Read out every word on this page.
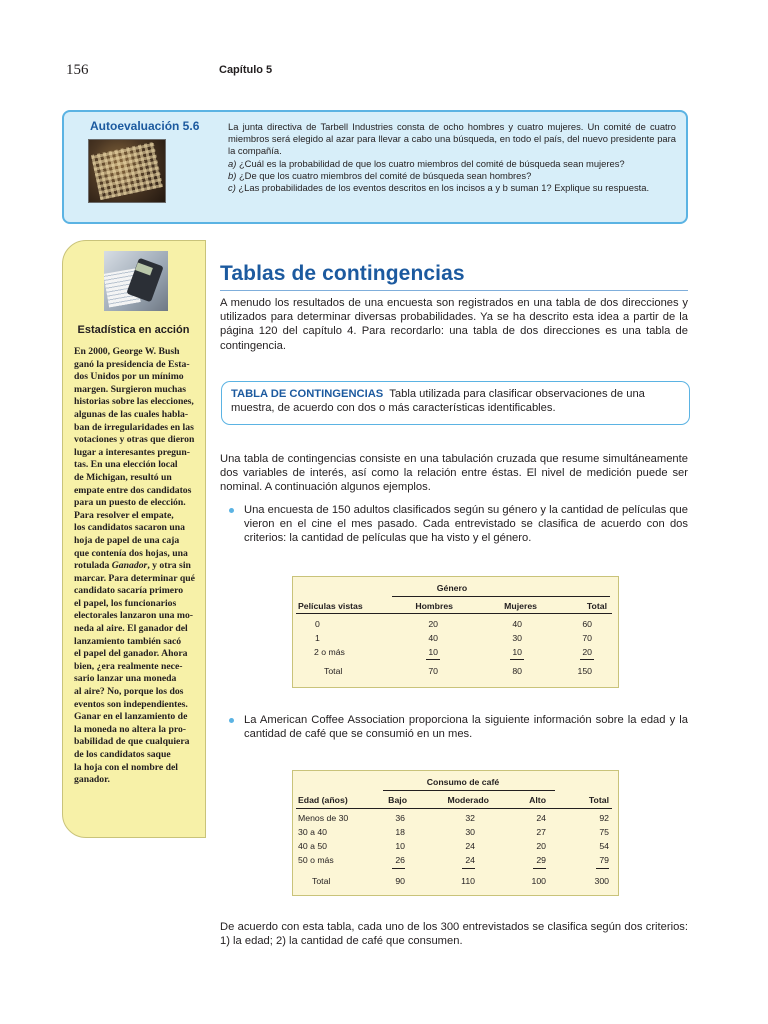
156	Capítulo 5
Autoevaluación 5.6	La junta directiva de Tarbell Industries consta de ocho hombres y cuatro mujeres. Un comité de cuatro miembros será elegido al azar para llevar a cabo una búsqueda, en todo el país, del nuevo presidente para la compañía.

a) ¿Cuál es la probabilidad de que los cuatro miembros del comité de búsqueda sean mujeres?

b) ¿De que los cuatro miembros del comité de búsqueda sean hombres?

c) ¿Las probabilidades de los eventos descritos en los incisos a y b suman 1? Explique su respuesta.

Estadística en acción
En 2000, George W. Bush
ganó la presidencia de Esta-
dos Unidos por un mínimo
margen. Surgieron muchas
historias sobre las elecciones,
algunas de las cuales habla-
ban de irregularidades en las
votaciones y otras que dieron
lugar a interesantes pregun-
tas. En una elección local
de Michigan, resultó un
empate entre dos candidatos
para un puesto de elección.
Para resolver el empate,
los candidatos sacaron una
hoja de papel de una caja
que contenía dos hojas, una
rotulada Ganador, y otra sin
marcar. Para determinar qué
candidato sacaría primero
el papel, los funcionarios
electorales lanzaron una mo-
neda al aire. El ganador del
lanzamiento también sacó
el papel del ganador. Ahora
bien, ¿era realmente nece-
sario lanzar una moneda
al aire? No, porque los dos
eventos son independientes.
Ganar en el lanzamiento de
la moneda no altera la pro-
babilidad de que cualquiera
de los candidatos saque
la hoja con el nombre del
ganador.
Tablas de contingencias
A menudo los resultados de una encuesta son registrados en una tabla de dos direcciones y utilizados para determinar diversas probabilidades. Ya se ha descrito esta idea a partir de la página 120 del capítulo 4. Para recordarlo: una tabla de dos direcciones es una tabla de contingencia.
TABLA DE CONTINGENCIAS Tabla utilizada para clasificar observaciones de una muestra, de acuerdo con dos o más características identificables.
Una tabla de contingencias consiste en una tabulación cruzada que resume simultáneamente dos variables de interés, así como la relación entre éstas. El nivel de medición puede ser nominal. A continuación algunos ejemplos.
Una encuesta de 150 adultos clasificados según su género y la cantidad de películas que vieron en el cine el mes pasado. Cada entrevistado se clasifica de acuerdo con dos criterios: la cantidad de películas que ha visto y el género.
Género
Películas vistas	Hombres	Mujeres	Total
0	20	40	60
1	40	30	70
2 o más	10	10	20
Total	70	80	150
La American Coffee Association proporciona la siguiente información sobre la edad y la cantidad de café que se consumió en un mes.
Consumo de café
Edad (años)	Bajo	Moderado	Alto	Total
Menos de 30	36	32	24	92
30 a 40	18	30	27	75
40 a 50	10	24	20	54
50 o más	26	24	29	79
Total	90	110	100	300
De acuerdo con esta tabla, cada uno de los 300 entrevistados se clasifica según dos criterios: 1) la edad; 2) la cantidad de café que consumen.
